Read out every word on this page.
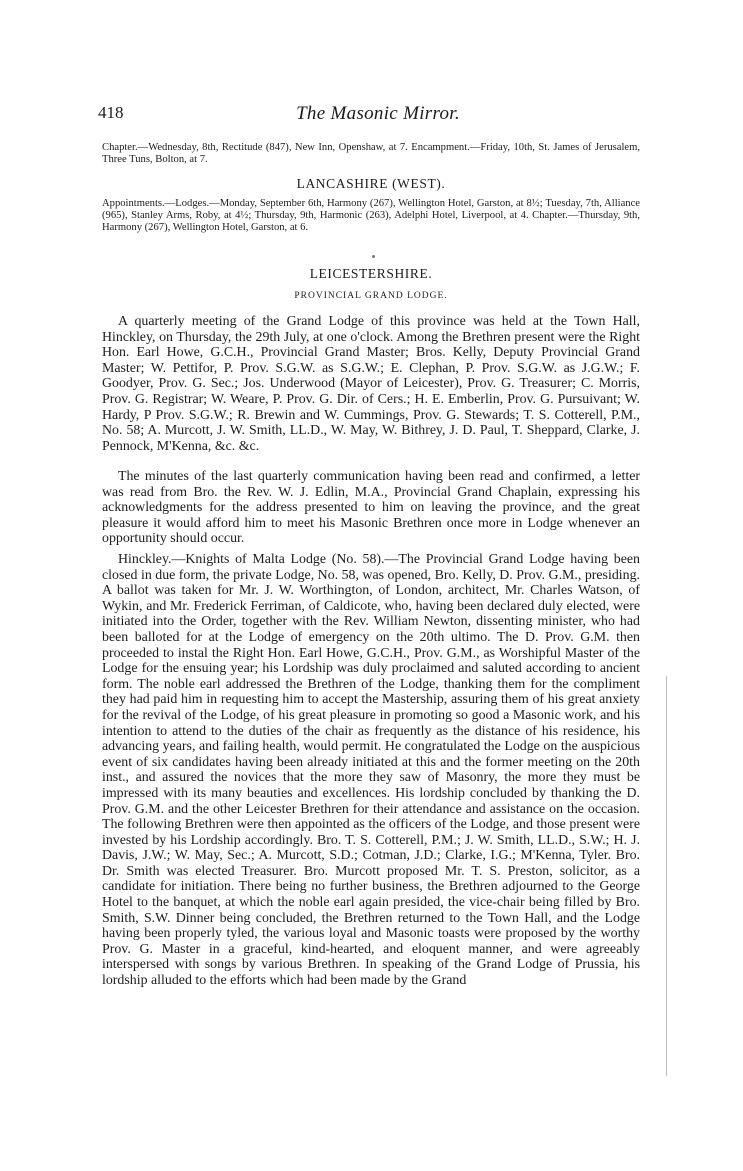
418	The Masonic Mirror.

Chapter.—Wednesday, 8th, Rectitude (847), New Inn, Openshaw, at 7. Encampment.—Friday, 10th, St. James of Jerusalem, Three Tuns, Bolton, at 7.

LANCASHIRE (WEST).

Appointments.—Lodges.—Monday, September 6th, Harmony (267), Wellington Hotel, Garston, at 8½; Tuesday, 7th, Alliance (965), Stanley Arms, Roby, at 4½; Thursday, 9th, Harmonic (263), Adelphi Hotel, Liverpool, at 4. Chapter.—Thursday, 9th, Harmony (267), Wellington Hotel, Garston, at 6.

LEICESTERSHIRE.
PROVINCIAL GRAND LODGE.

A quarterly meeting of the Grand Lodge of this province was held at the Town Hall, Hinckley, on Thursday, the 29th July, at one o'clock. Among the Brethren present were the Right Hon. Earl Howe, G.C.H., Provincial Grand Master; Bros. Kelly, Deputy Provincial Grand Master; W. Pettifor, P. Prov. S.G.W. as S.G.W.; E. Clephan, P. Prov. S.G.W. as J.G.W.; F. Goodyer, Prov. G. Sec.; Jos. Underwood (Mayor of Leicester), Prov. G. Treasurer; C. Morris, Prov. G. Registrar; W. Weare, P. Prov. G. Dir. of Cers.; H. E. Emberlin, Prov. G. Pursuivant; W. Hardy, P Prov. S.G.W.; R. Brewin and W. Cummings, Prov. G. Stewards; T. S. Cotterell, P.M., No. 58; A. Murcott, J. W. Smith, LL.D., W. May, W. Bithrey, J. D. Paul, T. Sheppard, Clarke, J. Pennock, M'Kenna, &c. &c.

The minutes of the last quarterly communication having been read and confirmed, a letter was read from Bro. the Rev. W. J. Edlin, M.A., Provincial Grand Chaplain, expressing his acknowledgments for the address presented to him on leaving the province, and the great pleasure it would afford him to meet his Masonic Brethren once more in Lodge whenever an opportunity should occur.

Hinckley.—Knights of Malta Lodge (No. 58).—The Provincial Grand Lodge having been closed in due form, the private Lodge, No. 58, was opened, Bro. Kelly, D. Prov. G.M., presiding. A ballot was taken for Mr. J. W. Worthington, of London, architect, Mr. Charles Watson, of Wykin, and Mr. Frederick Ferriman, of Caldicote, who, having been declared duly elected, were initiated into the Order, together with the Rev. William Newton, dissenting minister, who had been balloted for at the Lodge of emergency on the 20th ultimo. The D. Prov. G.M. then proceeded to instal the Right Hon. Earl Howe, G.C.H., Prov. G.M., as Worshipful Master of the Lodge for the ensuing year; his Lordship was duly proclaimed and saluted according to ancient form. The noble earl addressed the Brethren of the Lodge, thanking them for the compliment they had paid him in requesting him to accept the Mastership, assuring them of his great anxiety for the revival of the Lodge, of his great pleasure in promoting so good a Masonic work, and his intention to attend to the duties of the chair as frequently as the distance of his residence, his advancing years, and failing health, would permit. He congratulated the Lodge on the auspicious event of six candidates having been already initiated at this and the former meeting on the 20th inst., and assured the novices that the more they saw of Masonry, the more they must be impressed with its many beauties and excellences. His lordship concluded by thanking the D. Prov. G.M. and the other Leicester Brethren for their attendance and assistance on the occasion. The following Brethren were then appointed as the officers of the Lodge, and those present were invested by his Lordship accordingly. Bro. T. S. Cotterell, P.M.; J. W. Smith, LL.D., S.W.; H. J. Davis, J.W.; W. May, Sec.; A. Murcott, S.D.; Cotman, J.D.; Clarke, I.G.; M'Kenna, Tyler. Bro. Dr. Smith was elected Treasurer. Bro. Murcott proposed Mr. T. S. Preston, solicitor, as a candidate for initiation. There being no further business, the Brethren adjourned to the George Hotel to the banquet, at which the noble earl again presided, the vice-chair being filled by Bro. Smith, S.W. Dinner being concluded, the Brethren returned to the Town Hall, and the Lodge having been properly tyled, the various loyal and Masonic toasts were proposed by the worthy Prov. G. Master in a graceful, kind-hearted, and eloquent manner, and were agreeably interspersed with songs by various Brethren. In speaking of the Grand Lodge of Prussia, his lordship alluded to the efforts which had been made by the Grand
